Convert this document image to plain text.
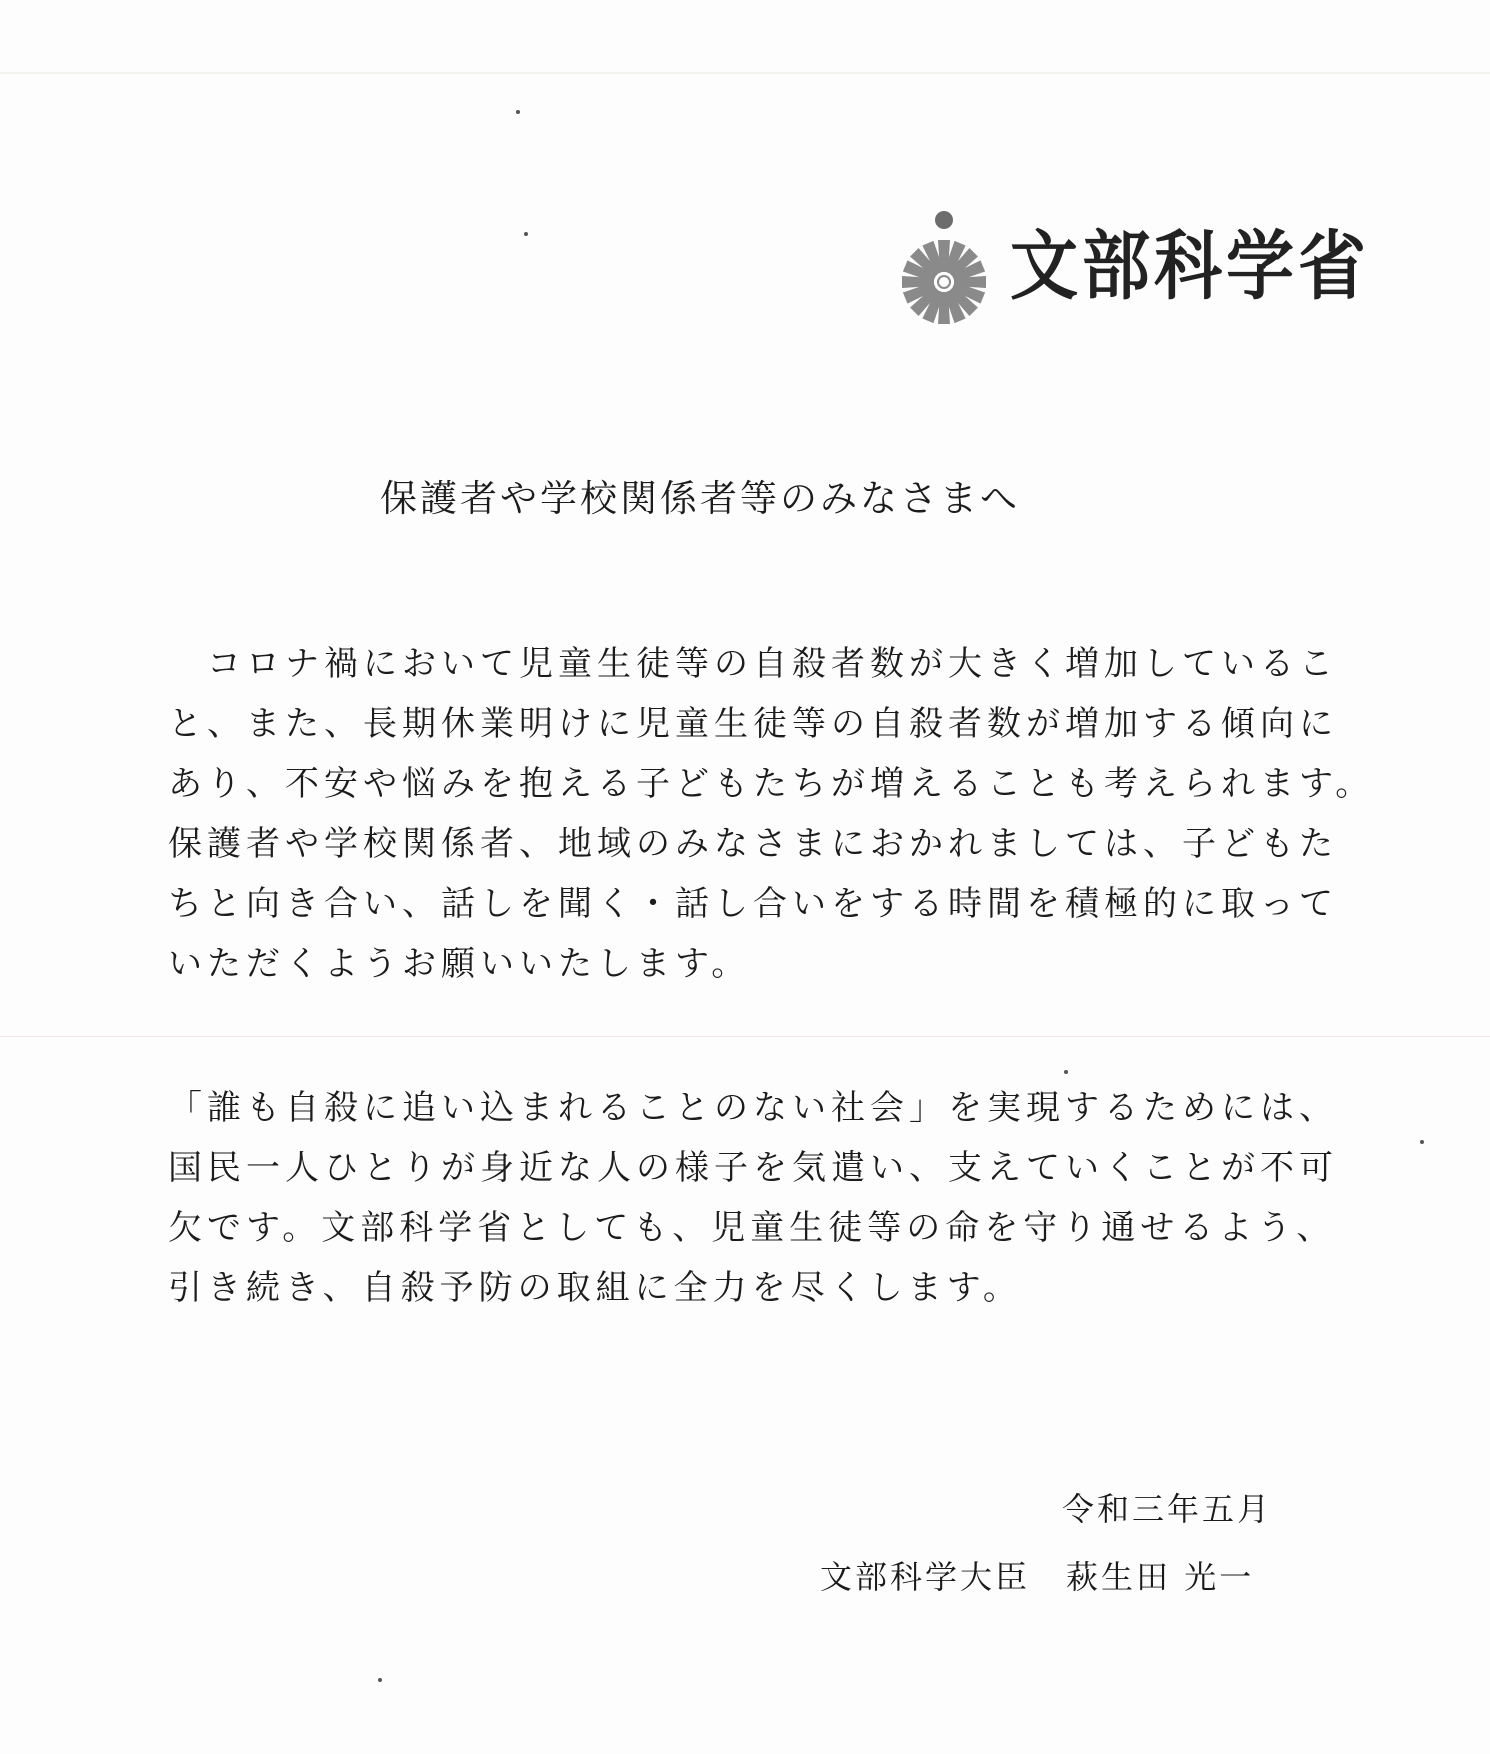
文部科学省
保護者や学校関係者等のみなさまへ
　コロナ禍において児童生徒等の自殺者数が大きく増加しているこ
と、また、長期休業明けに児童生徒等の自殺者数が増加する傾向に
あり、不安や悩みを抱える子どもたちが増えることも考えられます。
保護者や学校関係者、地域のみなさまにおかれましては、子どもた
ちと向き合い、話しを聞く・話し合いをする時間を積極的に取って
いただくようお願いいたします。
「誰も自殺に追い込まれることのない社会」を実現するためには、
国民一人ひとりが身近な人の様子を気遣い、支えていくことが不可
欠です。文部科学省としても、児童生徒等の命を守り通せるよう、
引き続き、自殺予防の取組に全力を尽くします。
令和三年五月
文部科学大臣 萩生田 光一
